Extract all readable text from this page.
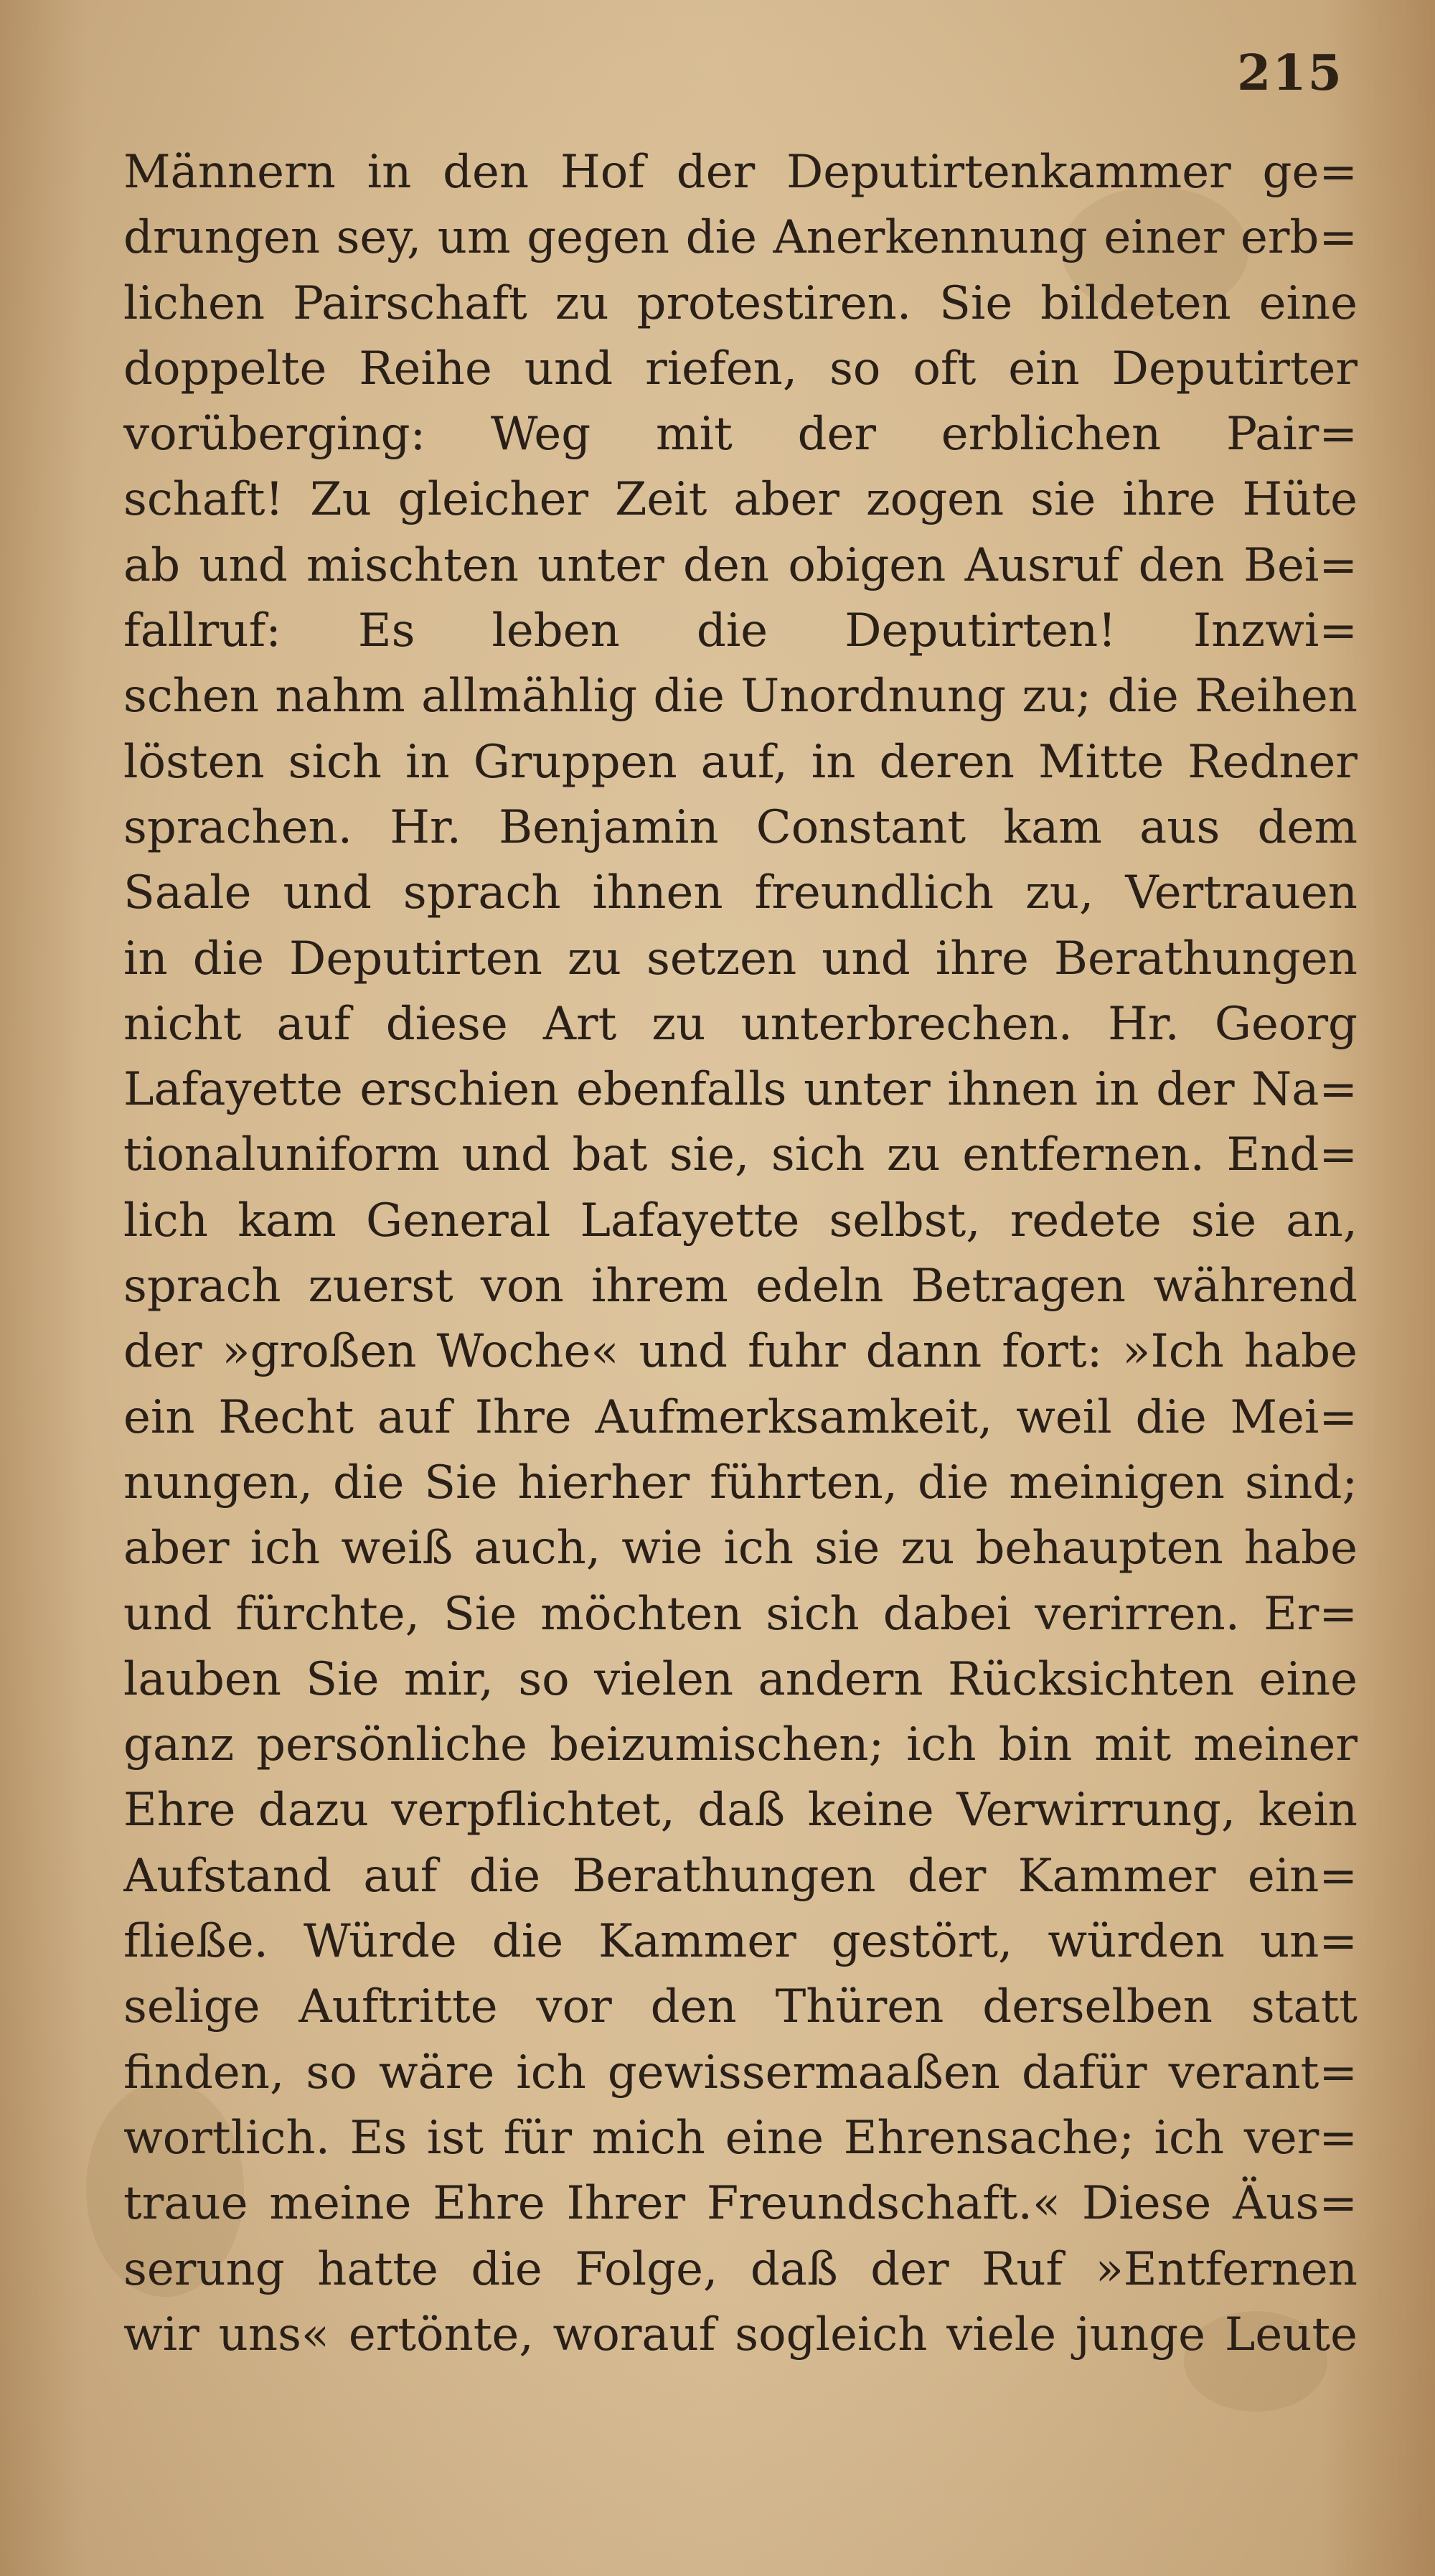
215
Männern in den Hof der Deputirtenkammer ge=
drungen sey, um gegen die Anerkennung einer erb=
lichen Pairschaft zu protestiren. Sie bildeten eine
doppelte Reihe und riefen, so oft ein Deputirter
vorüberging: Weg mit der erblichen Pair=
schaft! Zu gleicher Zeit aber zogen sie ihre Hüte
ab und mischten unter den obigen Ausruf den Bei=
fallruf: Es leben die Deputirten! Inzwi=
schen nahm allmählig die Unordnung zu; die Reihen
lösten sich in Gruppen auf, in deren Mitte Redner
sprachen. Hr. Benjamin Constant kam aus dem
Saale und sprach ihnen freundlich zu, Vertrauen
in die Deputirten zu setzen und ihre Berathungen
nicht auf diese Art zu unterbrechen. Hr. Georg
Lafayette erschien ebenfalls unter ihnen in der Na=
tionaluniform und bat sie, sich zu entfernen. End=
lich kam General Lafayette selbst, redete sie an,
sprach zuerst von ihrem edeln Betragen während
der »großen Woche« und fuhr dann fort: »Ich habe
ein Recht auf Ihre Aufmerksamkeit, weil die Mei=
nungen, die Sie hierher führten, die meinigen sind;
aber ich weiß auch, wie ich sie zu behaupten habe
und fürchte, Sie möchten sich dabei verirren. Er=
lauben Sie mir, so vielen andern Rücksichten eine
ganz persönliche beizumischen; ich bin mit meiner
Ehre dazu verpflichtet, daß keine Verwirrung, kein
Aufstand auf die Berathungen der Kammer ein=
fließe. Würde die Kammer gestört, würden un=
selige Auftritte vor den Thüren derselben statt
finden, so wäre ich gewissermaaßen dafür verant=
wortlich. Es ist für mich eine Ehrensache; ich ver=
traue meine Ehre Ihrer Freundschaft.« Diese Äus=
serung hatte die Folge, daß der Ruf »Entfernen
wir uns« ertönte, worauf sogleich viele junge Leute
